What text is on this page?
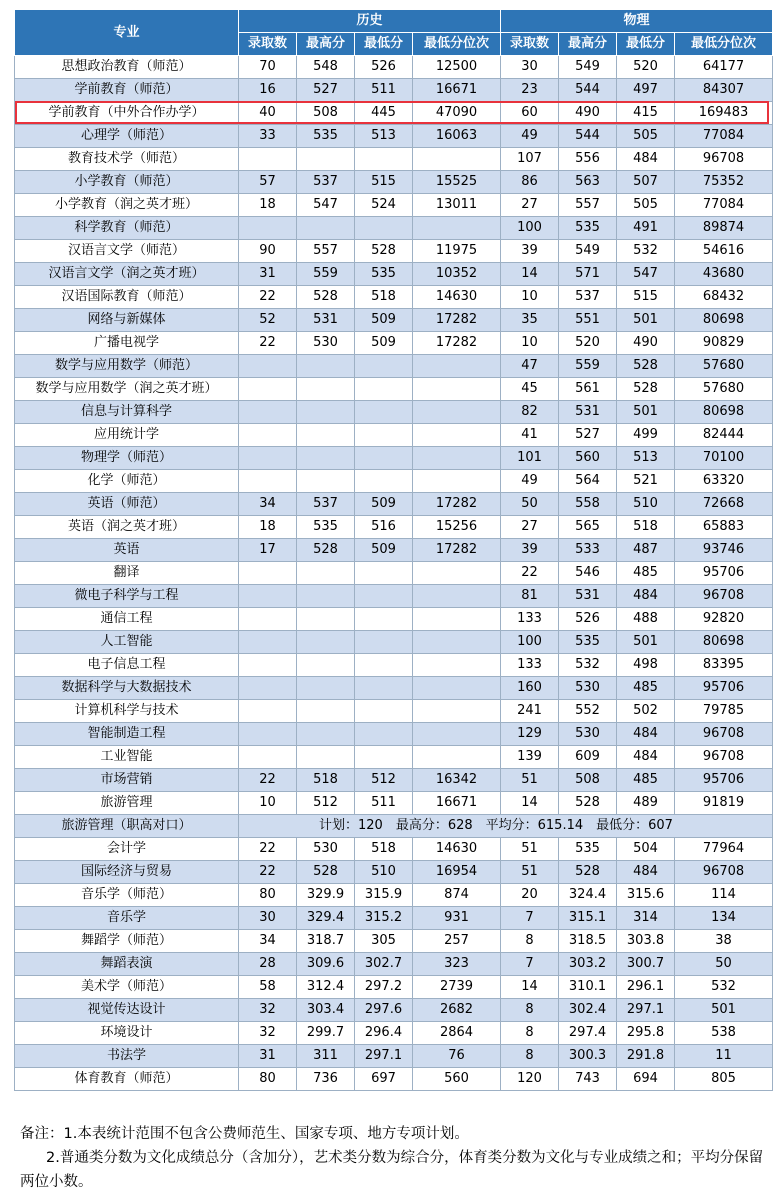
专业	历史				物理			
	录取数	最高分	最低分	最低分位次	录取数	最高分	最低分	最低分位次
思想政治教育（师范）	70	548	526	12500	30	549	520	64177
学前教育（师范）	16	527	511	16671	23	544	497	84307
学前教育（中外合作办学）	40	508	445	47090	60	490	415	169483
心理学（师范）	33	535	513	16063	49	544	505	77084
教育技术学（师范）					107	556	484	96708
小学教育（师范）	57	537	515	15525	86	563	507	75352
小学教育（润之英才班）	18	547	524	13011	27	557	505	77084
科学教育（师范）					100	535	491	89874
汉语言文学（师范）	90	557	528	11975	39	549	532	54616
汉语言文学（润之英才班）	31	559	535	10352	14	571	547	43680
汉语国际教育（师范）	22	528	518	14630	10	537	515	68432
网络与新媒体	52	531	509	17282	35	551	501	80698
广播电视学	22	530	509	17282	10	520	490	90829
数学与应用数学（师范）					47	559	528	57680
数学与应用数学（润之英才班）					45	561	528	57680
信息与计算科学					82	531	501	80698
应用统计学					41	527	499	82444
物理学（师范）					101	560	513	70100
化学（师范）					49	564	521	63320
英语（师范）	34	537	509	17282	50	558	510	72668
英语（润之英才班）	18	535	516	15256	27	565	518	65883
英语	17	528	509	17282	39	533	487	93746
翻译					22	546	485	95706
微电子科学与工程					81	531	484	96708
通信工程					133	526	488	92820
人工智能					100	535	501	80698
电子信息工程					133	532	498	83395
数据科学与大数据技术					160	530	485	95706
计算机科学与技术					241	552	502	79785
智能制造工程					129	530	484	96708
工业智能					139	609	484	96708
市场营销	22	518	512	16342	51	508	485	95706
旅游管理	10	512	511	16671	14	528	489	91819
旅游管理（职高对口）	计划：120　最高分：628　平均分：615.14　最低分：607							
会计学	22	530	518	14630	51	535	504	77964
国际经济与贸易	22	528	510	16954	51	528	484	96708
音乐学（师范）	80	329.9	315.9	874	20	324.4	315.6	114
音乐学	30	329.4	315.2	931	7	315.1	314	134
舞蹈学（师范）	34	318.7	305	257	8	318.5	303.8	38
舞蹈表演	28	309.6	302.7	323	7	303.2	300.7	50
美术学（师范）	58	312.4	297.2	2739	14	310.1	296.1	532
视觉传达设计	32	303.4	297.6	2682	8	302.4	297.1	501
环境设计	32	299.7	296.4	2864	8	297.4	295.8	538
书法学	31	311	297.1	76	8	300.3	291.8	11
体育教育（师范）	80	736	697	560	120	743	694	805

备注：1.本表统计范围不包含公费师范生、国家专项、地方专项计划。

2.普通类分数为文化成绩总分（含加分），艺术类分数为综合分，体育类分数为文化与专业成绩之和；平均分保留两位小数。
